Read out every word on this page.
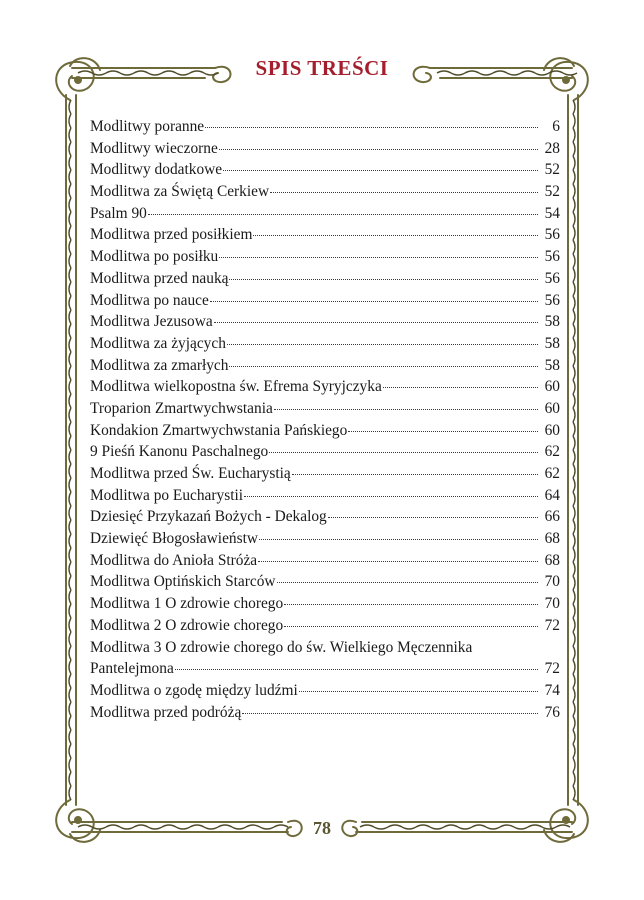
SPIS TREŚCI
Modlitwy poranne	6
Modlitwy wieczorne	28
Modlitwy dodatkowe	52
Modlitwa za Świętą Cerkiew	52
Psalm 90	54
Modlitwa przed posiłkiem	56
Modlitwa po posiłku	56
Modlitwa przed nauką	56
Modlitwa po nauce	56
Modlitwa Jezusowa	58
Modlitwa za żyjących	58
Modlitwa za zmarłych	58
Modlitwa wielkopostna św. Efrema Syryjczyka	60
Troparion Zmartwychwstania	60
Kondakion Zmartwychwstania Pańskiego	60
9 Pieśń Kanonu Paschalnego	62
Modlitwa przed Św. Eucharystią	62
Modlitwa po Eucharystii	64
Dziesięć Przykazań Bożych - Dekalog	66
Dziewięć Błogosławieństw	68
Modlitwa do Anioła Stróża	68
Modlitwa Optińskich Starców	70
Modlitwa 1 O zdrowie chorego	70
Modlitwa 2 O zdrowie chorego	72
Modlitwa 3 O zdrowie chorego do św. Wielkiego Męczennika
Pantelejmona	72
Modlitwa o zgodę między ludźmi	74
Modlitwa przed podróżą	76
78
